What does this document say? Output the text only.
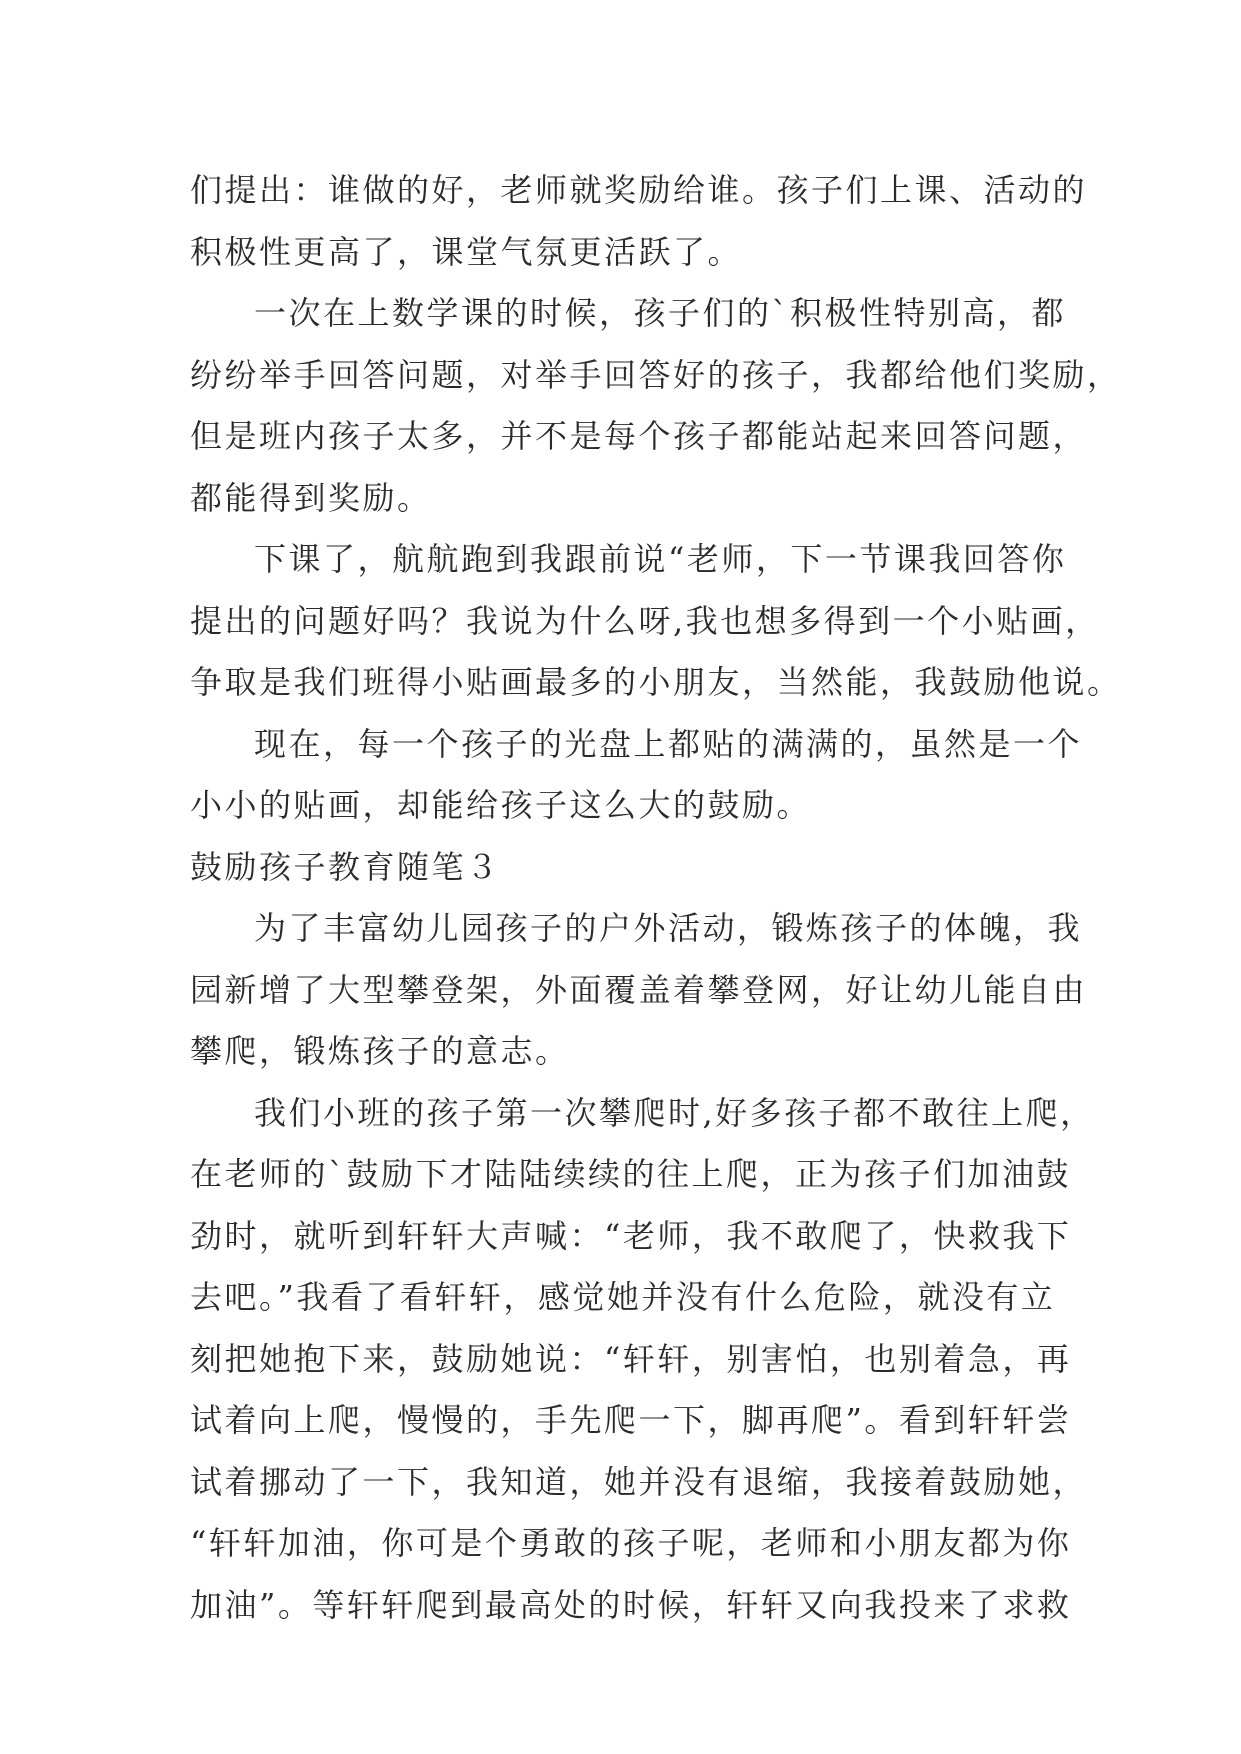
们提出：谁做的好，老师就奖励给谁。孩子们上课、活动的
积极性更高了，课堂气氛更活跃了。
一次在上数学课的时候，孩子们的`积极性特别高，都
纷纷举手回答问题，对举手回答好的孩子，我都给他们奖励，
但是班内孩子太多，并不是每个孩子都能站起来回答问题，
都能得到奖励。
下课了，航航跑到我跟前说“老师，下一节课我回答你
提出的问题好吗？我说为什么呀,我也想多得到一个小贴画，
争取是我们班得小贴画最多的小朋友，当然能，我鼓励他说。
现在，每一个孩子的光盘上都贴的满满的，虽然是一个
小小的贴画，却能给孩子这么大的鼓励。
鼓励孩子教育随笔３
为了丰富幼儿园孩子的户外活动，锻炼孩子的体魄，我
园新增了大型攀登架，外面覆盖着攀登网，好让幼儿能自由
攀爬，锻炼孩子的意志。
我们小班的孩子第一次攀爬时,好多孩子都不敢往上爬，
在老师的`鼓励下才陆陆续续的往上爬，正为孩子们加油鼓
劲时，就听到轩轩大声喊：“老师，我不敢爬了，快救我下
去吧。”我看了看轩轩，感觉她并没有什么危险，就没有立
刻把她抱下来，鼓励她说：“轩轩，别害怕，也别着急，再
试着向上爬，慢慢的，手先爬一下，脚再爬”。看到轩轩尝
试着挪动了一下，我知道，她并没有退缩，我接着鼓励她，
“轩轩加油，你可是个勇敢的孩子呢，老师和小朋友都为你
加油”。等轩轩爬到最高处的时候，轩轩又向我投来了求救
